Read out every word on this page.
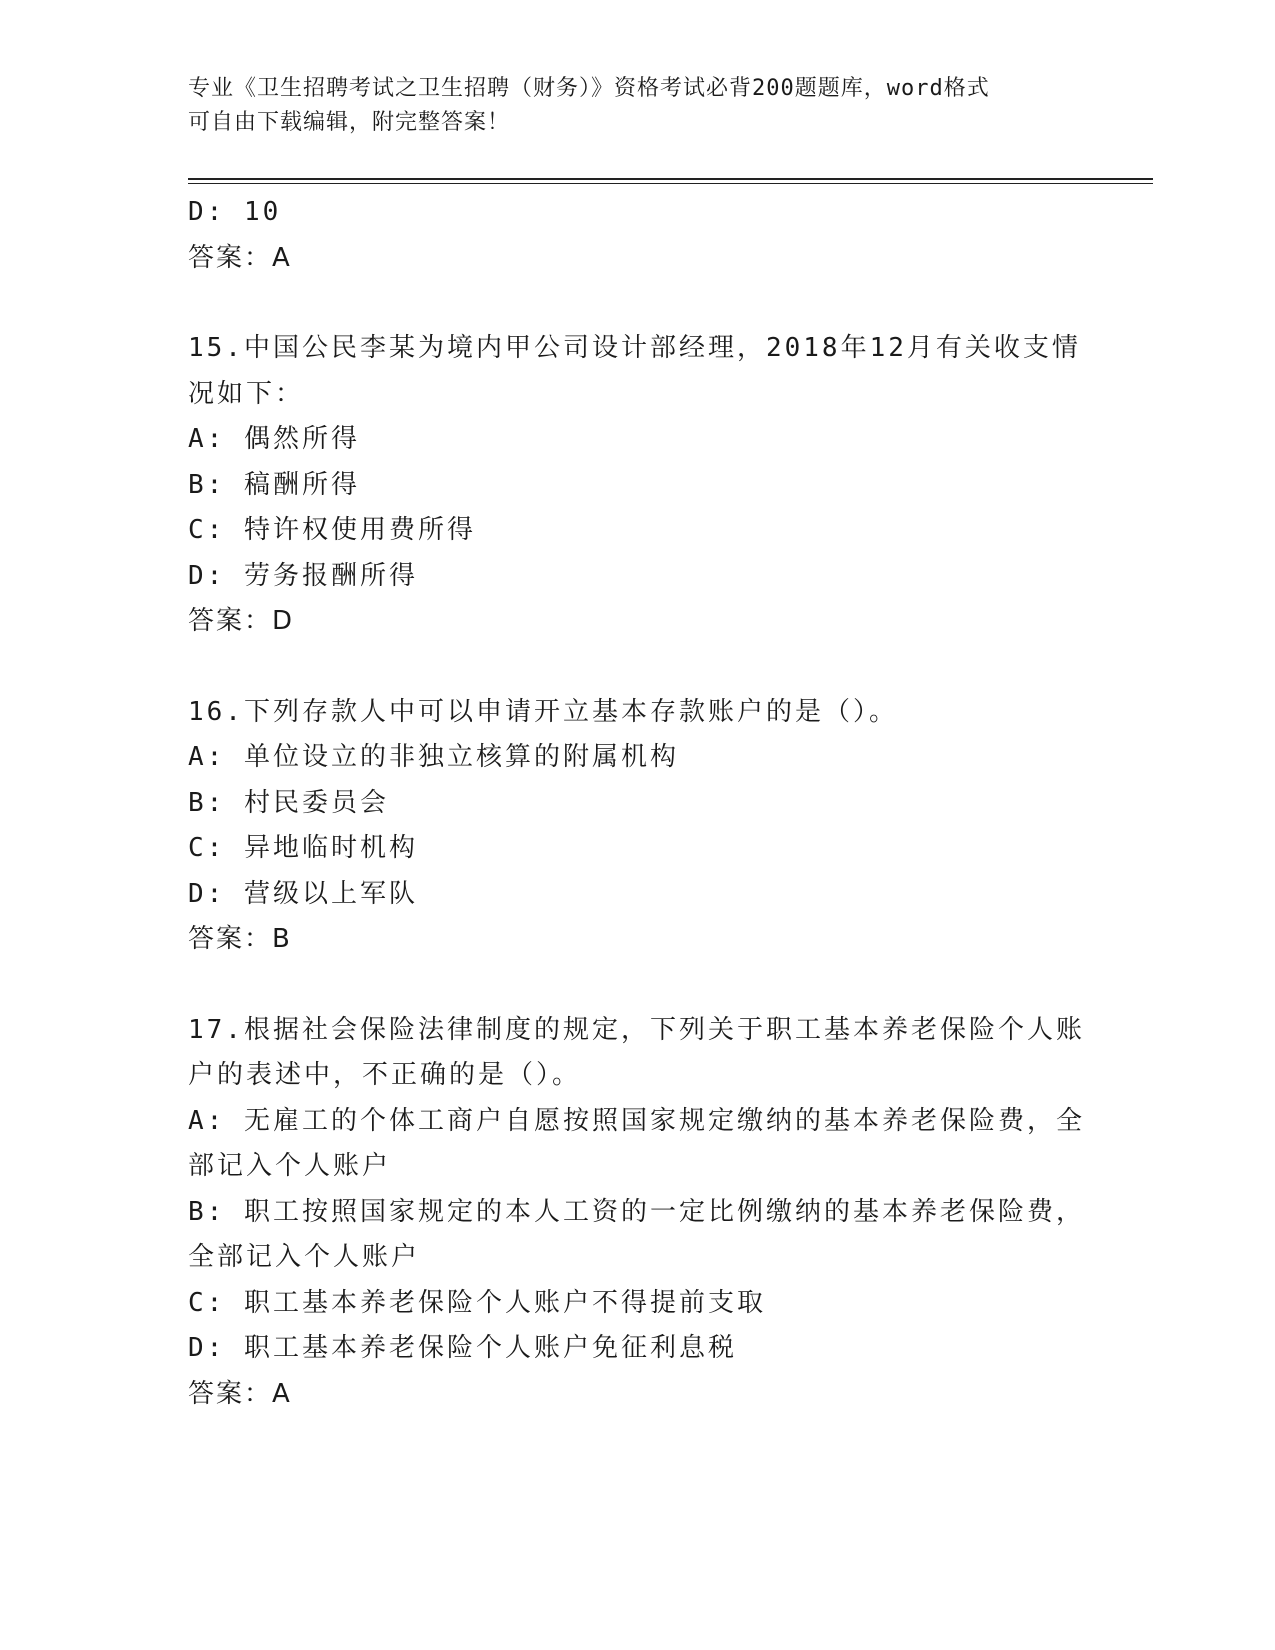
专业《卫生招聘考试之卫生招聘（财务）》资格考试必背200题题库，word格式
可自由下载编辑，附完整答案！
D: 10
答案：A
15.中国公民李某为境内甲公司设计部经理，2018年12月有关收支情
况如下：
A: 偶然所得
B: 稿酬所得
C: 特许权使用费所得
D: 劳务报酬所得
答案：D
16.下列存款人中可以申请开立基本存款账户的是（）。
A: 单位设立的非独立核算的附属机构
B: 村民委员会
C: 异地临时机构
D: 营级以上军队
答案：B
17.根据社会保险法律制度的规定，下列关于职工基本养老保险个人账
户的表述中，不正确的是（）。
A: 无雇工的个体工商户自愿按照国家规定缴纳的基本养老保险费，全
部记入个人账户
B: 职工按照国家规定的本人工资的一定比例缴纳的基本养老保险费，
全部记入个人账户
C: 职工基本养老保险个人账户不得提前支取
D: 职工基本养老保险个人账户免征利息税
答案：A
